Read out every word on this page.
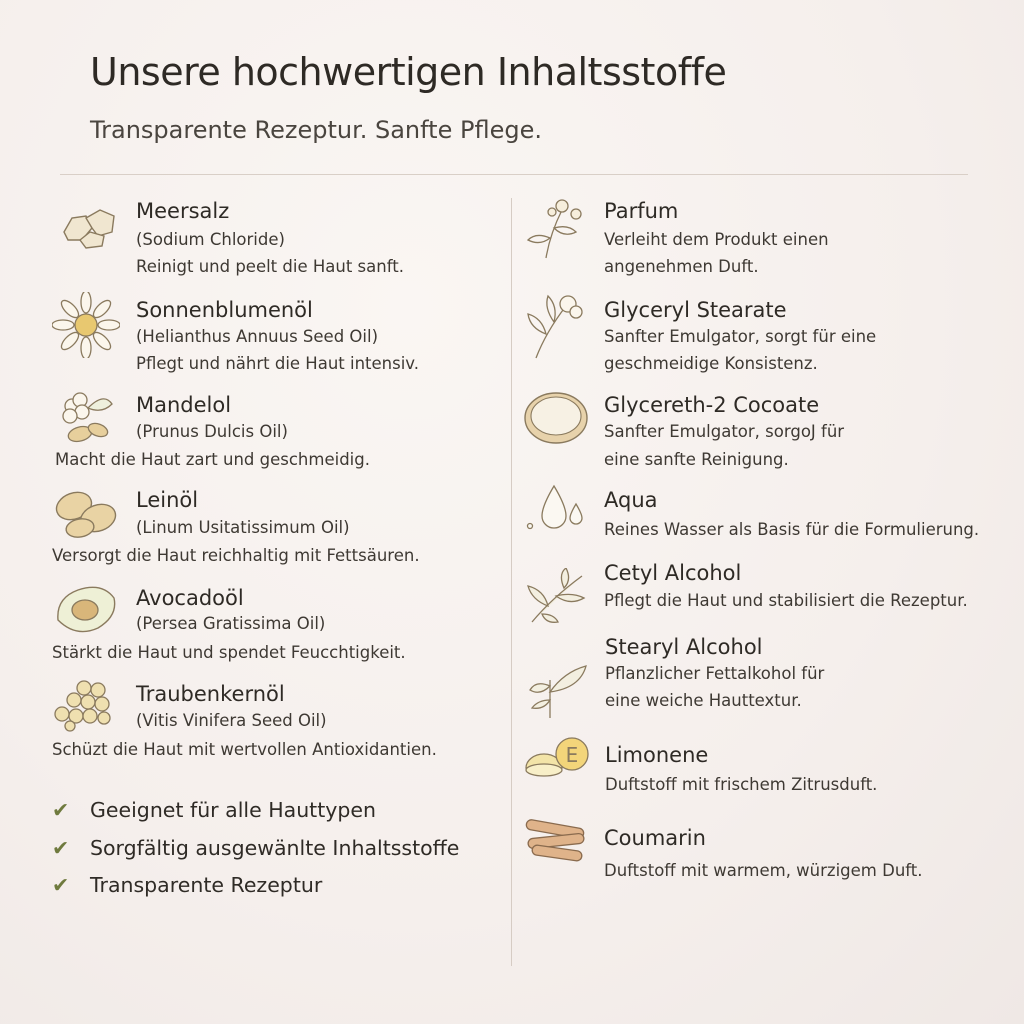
Unsere hochwertigen Inhaltsstoffe
Transparente Rezeptur. Sanfte Pflege.
Meersalz
(Sodium Chloride)
Reinigt und peelt die Haut sanft.
Sonnenblumenöl
(Helianthus Annuus Seed Oil)
Pflegt und nährt die Haut intensiv.
Mandelol
(Prunus Dulcis Oil)
Macht die Haut zart und geschmeidig.
Leinöl
(Linum Usitatissimum Oil)
Versorgt die Haut reichhaltig mit Fettsäuren.
Avocadoöl
(Persea Gratissima Oil)
Stärkt die Haut und spendet Feucchtigkeit.
Traubenkernöl
(Vitis Vinifera Seed Oil)
Schüzt die Haut mit wertvollen Antioxidantien.
✔ Geeignet für alle Hauttypen
✔ Sorgfältig ausgewänlte Inhaltsstoffe
✔ Transparente Rezeptur
Parfum
Verleiht dem Produkt einen
angenehmen Duft.
Glyceryl Stearate
Sanfter Emulgator, sorgt für eine
geschmeidige Konsistenz.
Glycereth-2 Cocoate
Sanfter Emulgator, sorgoJ für
eine sanfte Reinigung.
Aqua
Reines Wasser als Basis für die Formulierung.
Cetyl Alcohol
Pflegt die Haut und stabilisiert die Rezeptur.
Stearyl Alcohol
Pflanzlicher Fettalkohol für
eine weiche Hauttextur.
E Limonene
Duftstoff mit frischem Zitrusduft.
Coumarin
Duftstoff mit warmem, würzigem Duft.
